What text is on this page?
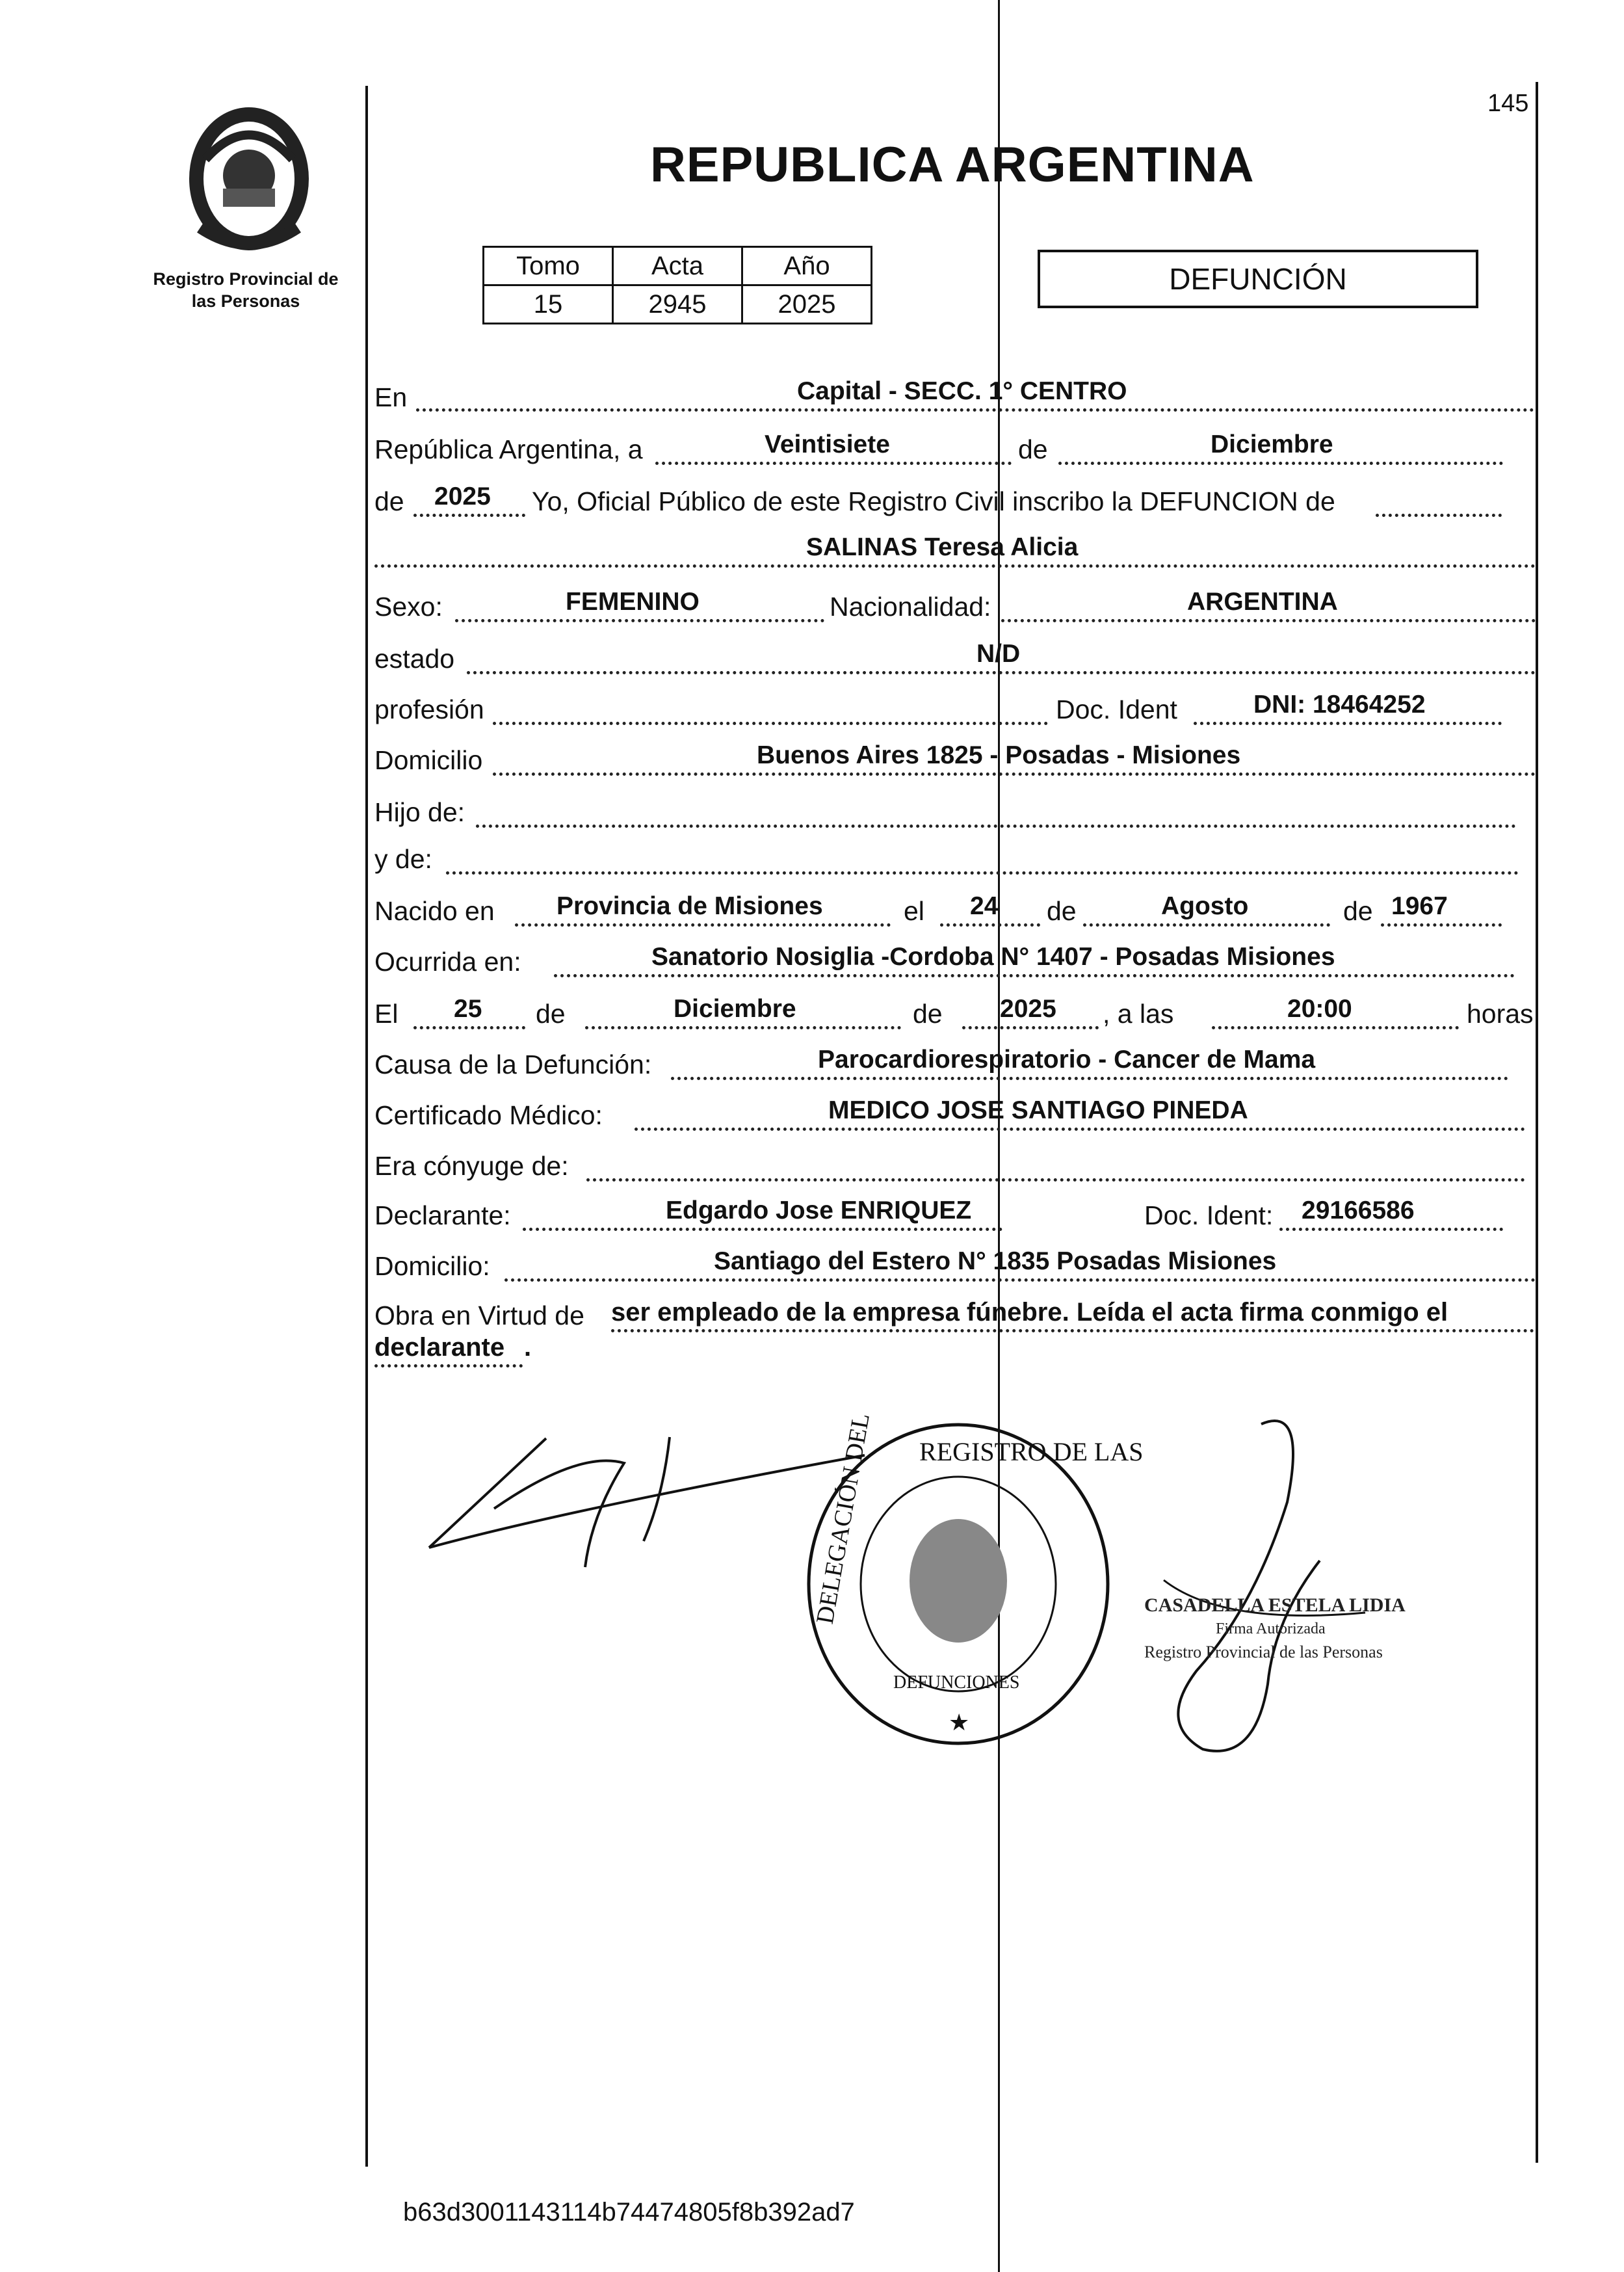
Registro Provincial de
las Personas
145
REPUBLICA ARGENTINA
Tomo	Acta	Año
15	2945	2025
DEFUNCIÓN
En	Capital - SECC. 1° CENTRO
República Argentina, a	Veintisiete	de	Diciembre
de 2025 Yo, Oficial Público de este Registro Civil inscribo la DEFUNCION de
SALINAS Teresa Alicia
Sexo:	FEMENINO	Nacionalidad:	ARGENTINA
estado	N/D
profesión	Doc. Ident	DNI: 18464252
Domicilio	Buenos Aires 1825 - Posadas - Misiones
Hijo de:
y de:
Nacido en Provincia de Misiones	el 24 de	Agosto	de 1967
Ocurrida en:	Sanatorio Nosiglia -Cordoba N° 1407 - Posadas Misiones
El 25 de	Diciembre	de 2025 , a las	20:00	horas
Causa de la Defunción:	Parocardiorespiratorio - Cancer de Mama
Certificado Médico:	MEDICO JOSE SANTIAGO PINEDA
Era cónyuge de:
Declarante:	Edgardo Jose ENRIQUEZ	Doc. Ident: 29166586
Domicilio:	Santiago del Estero N° 1835 Posadas Misiones
Obra en Virtud de ser empleado de la empresa fúnebre. Leída el acta firma conmigo el
declarante .
REGISTRO DE LAS
DELEGACIÓN DEL
DEFUNCIONES
★
CASADELLA ESTELA LIDIA
Firma Autorizada
Registro Provincial de las Personas
b63d3001143114b74474805f8b392ad7
